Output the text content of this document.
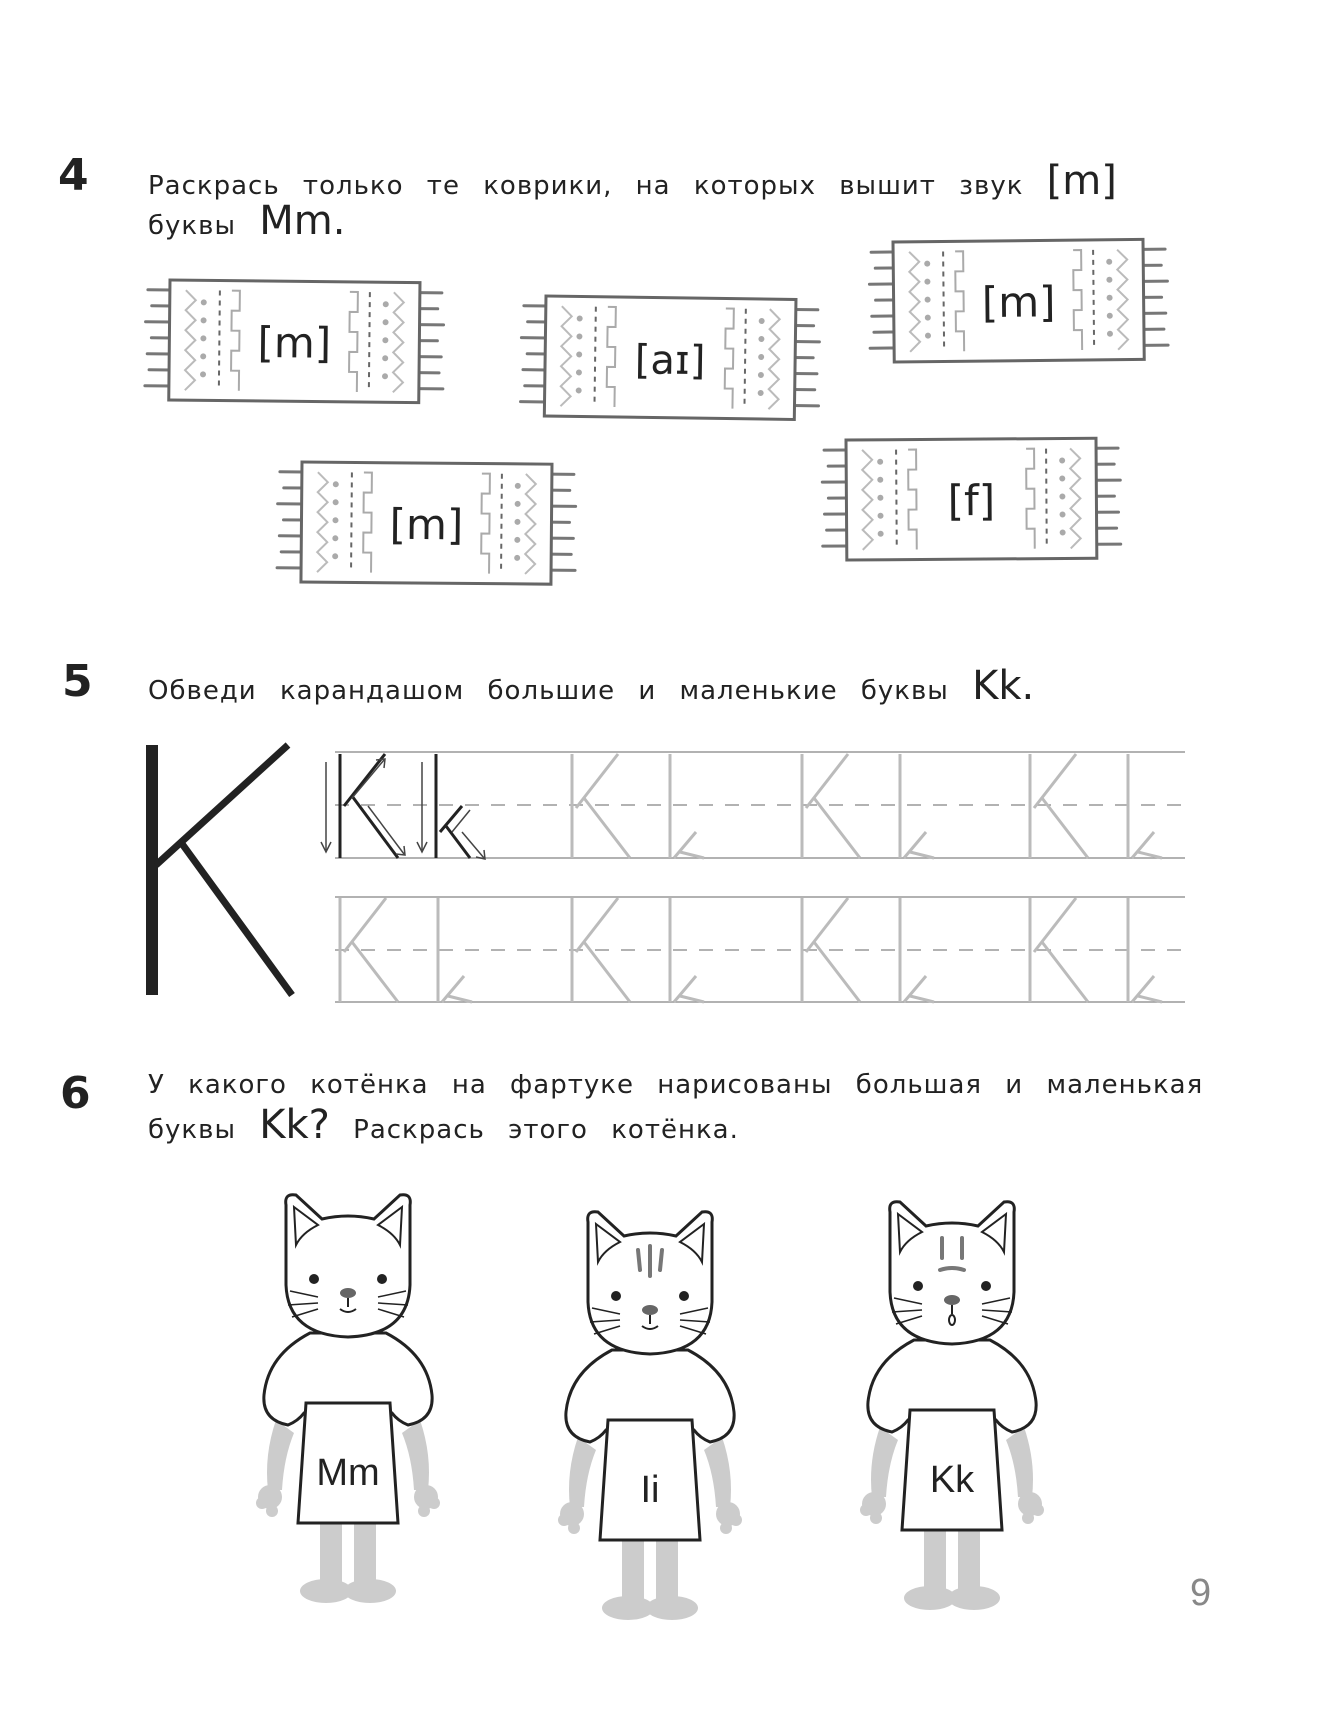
4 Раскрась только те коврики, на которых вышит звук [m]
буквы Mm.
[m]	[aɪ]
[m]
[m]	[f]
5 Обведи карандашом большие и маленькие буквы Kk.
6 У какого котёнка на фартуке нарисованы большая и маленькая
буквы Kk? Раскрась этого котёнка.
Mm	Ii	Kk
9
